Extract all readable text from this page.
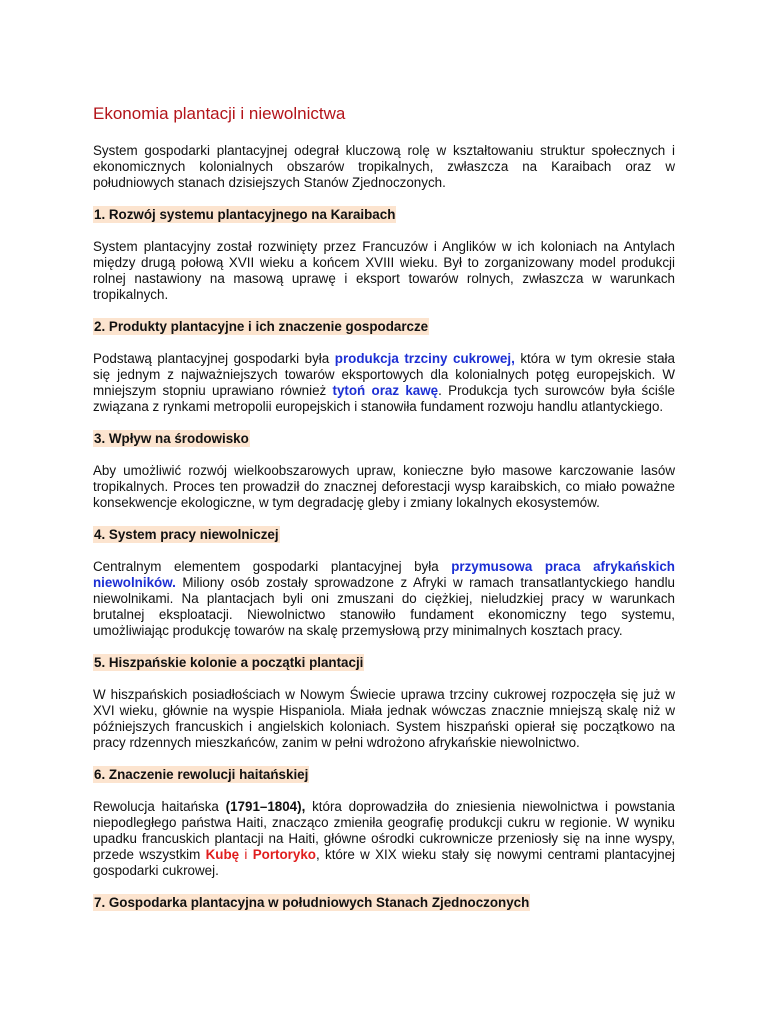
Ekonomia plantacji i niewolnictwa

System gospodarki plantacyjnej odegrał kluczową rolę w kształtowaniu struktur społecznych i ekonomicznych kolonialnych obszarów tropikalnych, zwłaszcza na Karaibach oraz w południowych stanach dzisiejszych Stanów Zjednoczonych.

1. Rozwój systemu plantacyjnego na Karaibach

System plantacyjny został rozwinięty przez Francuzów i Anglików w ich koloniach na Antylach między drugą połową XVII wieku a końcem XVIII wieku. Był to zorganizowany model produkcji rolnej nastawiony na masową uprawę i eksport towarów rolnych, zwłaszcza w warunkach tropikalnych.

2. Produkty plantacyjne i ich znaczenie gospodarcze

Podstawą plantacyjnej gospodarki była produkcja trzciny cukrowej, która w tym okresie stała się jednym z najważniejszych towarów eksportowych dla kolonialnych potęg europejskich. W mniejszym stopniu uprawiano również tytoń oraz kawę. Produkcja tych surowców była ściśle związana z rynkami metropolii europejskich i stanowiła fundament rozwoju handlu atlantyckiego.

3. Wpływ na środowisko

Aby umożliwić rozwój wielkoobszarowych upraw, konieczne było masowe karczowanie lasów tropikalnych. Proces ten prowadził do znacznej deforestacji wysp karaibskich, co miało poważne konsekwencje ekologiczne, w tym degradację gleby i zmiany lokalnych ekosystemów.

4. System pracy niewolniczej

Centralnym elementem gospodarki plantacyjnej była przymusowa praca afrykańskich niewolników. Miliony osób zostały sprowadzone z Afryki w ramach transatlantyckiego handlu niewolnikami. Na plantacjach byli oni zmuszani do ciężkiej, nieludzkiej pracy w warunkach brutalnej eksploatacji. Niewolnictwo stanowiło fundament ekonomiczny tego systemu, umożliwiając produkcję towarów na skalę przemysłową przy minimalnych kosztach pracy.

5. Hiszpańskie kolonie a początki plantacji

W hiszpańskich posiadłościach w Nowym Świecie uprawa trzciny cukrowej rozpoczęła się już w XVI wieku, głównie na wyspie Hispaniola. Miała jednak wówczas znacznie mniejszą skalę niż w późniejszych francuskich i angielskich koloniach. System hiszpański opierał się początkowo na pracy rdzennych mieszkańców, zanim w pełni wdrożono afrykańskie niewolnictwo.

6. Znaczenie rewolucji haitańskiej

Rewolucja haitańska (1791–1804), która doprowadziła do zniesienia niewolnictwa i powstania niepodległego państwa Haiti, znacząco zmieniła geografię produkcji cukru w regionie. W wyniku upadku francuskich plantacji na Haiti, główne ośrodki cukrownicze przeniosły się na inne wyspy, przede wszystkim Kubę i Portoryko, które w XIX wieku stały się nowymi centrami plantacyjnej gospodarki cukrowej.

7. Gospodarka plantacyjna w południowych Stanach Zjednoczonych
